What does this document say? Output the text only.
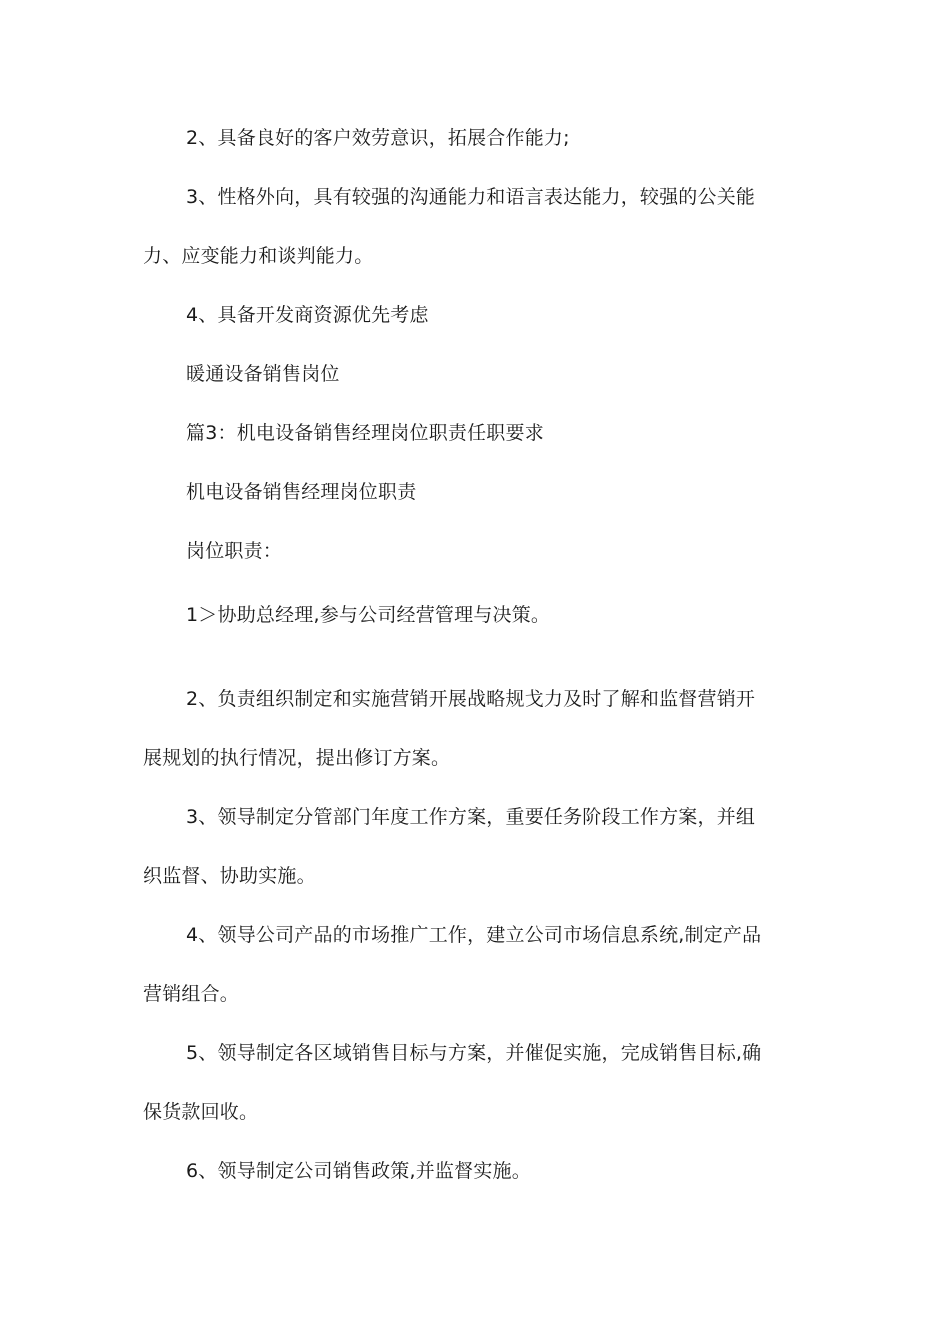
2、具备良好的客户效劳意识，拓展合作能力;
3、性格外向，具有较强的沟通能力和语言表达能力，较强的公关能
力、应变能力和谈判能力。
4、具备开发商资源优先考虑
暖通设备销售岗位
篇3：机电设备销售经理岗位职责任职要求
机电设备销售经理岗位职责
岗位职责：
1＞协助总经理,参与公司经营管理与决策。
2、负责组织制定和实施营销开展战略规戈力及时了解和监督营销开
展规划的执行情况，提出修订方案。
3、领导制定分管部门年度工作方案，重要任务阶段工作方案，并组
织监督、协助实施。
4、领导公司产品的市场推广工作，建立公司市场信息系统,制定产品
营销组合。
5、领导制定各区域销售目标与方案，并催促实施，完成销售目标,确
保货款回收。
6、领导制定公司销售政策,并监督实施。
